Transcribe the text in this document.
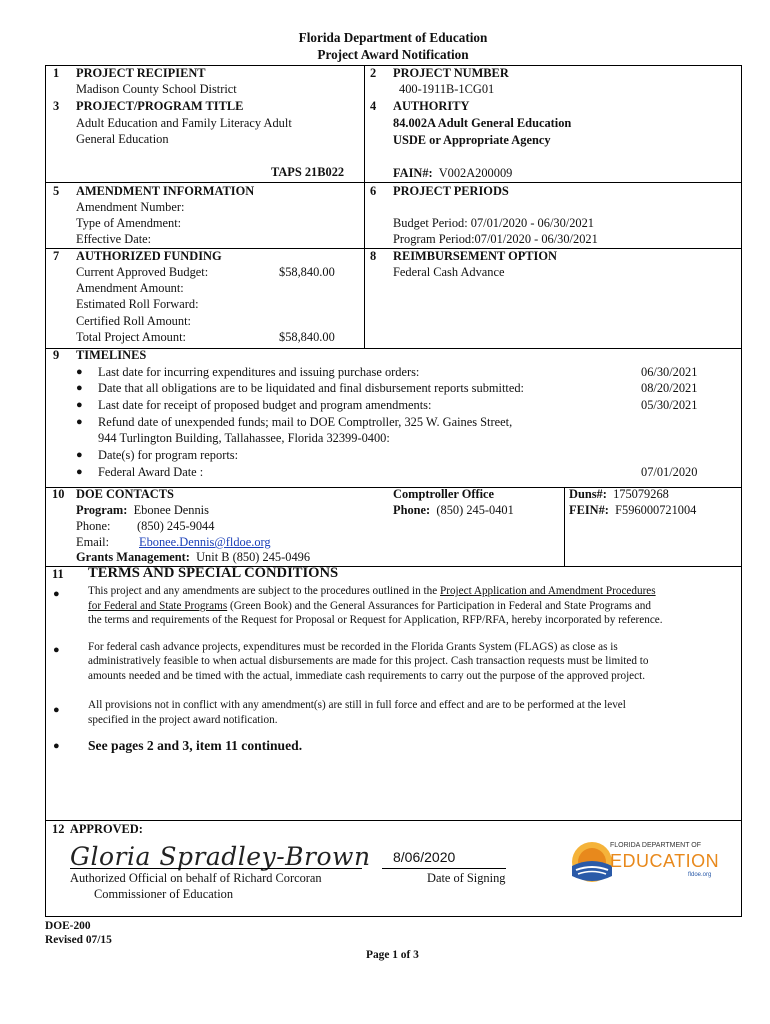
Florida Department of Education
Project Award Notification
1 PROJECT RECIPIENT
Madison County School District
2 PROJECT NUMBER
400-1911B-1CG01
3 PROJECT/PROGRAM TITLE
Adult Education and Family Literacy Adult
General Education
TAPS 21B022
4 AUTHORITY
84.002A Adult General Education
USDE or Appropriate Agency
FAIN#: V002A200009
5 AMENDMENT INFORMATION
Amendment Number:
Type of Amendment:
Effective Date:
6 PROJECT PERIODS
Budget Period: 07/01/2020 - 06/30/2021
Program Period:07/01/2020 - 06/30/2021
7 AUTHORIZED FUNDING
Current Approved Budget:	$58,840.00
Amendment Amount:
Estimated Roll Forward:
Certified Roll Amount:
Total Project Amount:	$58,840.00
8 REIMBURSEMENT OPTION
Federal Cash Advance
9 TIMELINES
● Last date for incurring expenditures and issuing purchase orders:	06/30/2021
● Date that all obligations are to be liquidated and final disbursement reports submitted:	08/20/2021
● Last date for receipt of proposed budget and program amendments:	05/30/2021
● Refund date of unexpended funds; mail to DOE Comptroller, 325 W. Gaines Street,
944 Turlington Building, Tallahassee, Florida 32399-0400:
● Date(s) for program reports:
● Federal Award Date :	07/01/2020
10 DOE CONTACTS
Program: Ebonee Dennis
Phone: (850) 245-9044
Email: Ebonee.Dennis@fldoe.org
Grants Management: Unit B (850) 245-0496
Comptroller Office
Phone: (850) 245-0401
Duns#: 175079268
FEIN#: F596000721004
11 TERMS AND SPECIAL CONDITIONS
●	This project and any amendments are subject to the procedures outlined in the Project Application and Amendment Procedures
for Federal and State Programs (Green Book) and the General Assurances for Participation in Federal and State Programs and
the terms and requirements of the Request for Proposal or Request for Application, RFP/RFA, hereby incorporated by reference.
●	For federal cash advance projects, expenditures must be recorded in the Florida Grants System (FLAGS) as close as is
administratively feasible to when actual disbursements are made for this project. Cash transaction requests must be limited to
amounts needed and be timed with the actual, immediate cash requirements to carry out the purpose of the approved project.
●	All provisions not in conflict with any amendment(s) are still in full force and effect and are to be performed at the level
specified in the project award notification.
● See pages 2 and 3, item 11 continued.
12 APPROVED:
Gloria Spradley-Brown 8/06/2020
Authorized Official on behalf of Richard Corcoran
Commissioner of Education
Date of Signing
FLORIDA DEPARTMENT OF
EDUCATION
fldoe.org
DOE-200
Revised 07/15
Page 1 of 3
